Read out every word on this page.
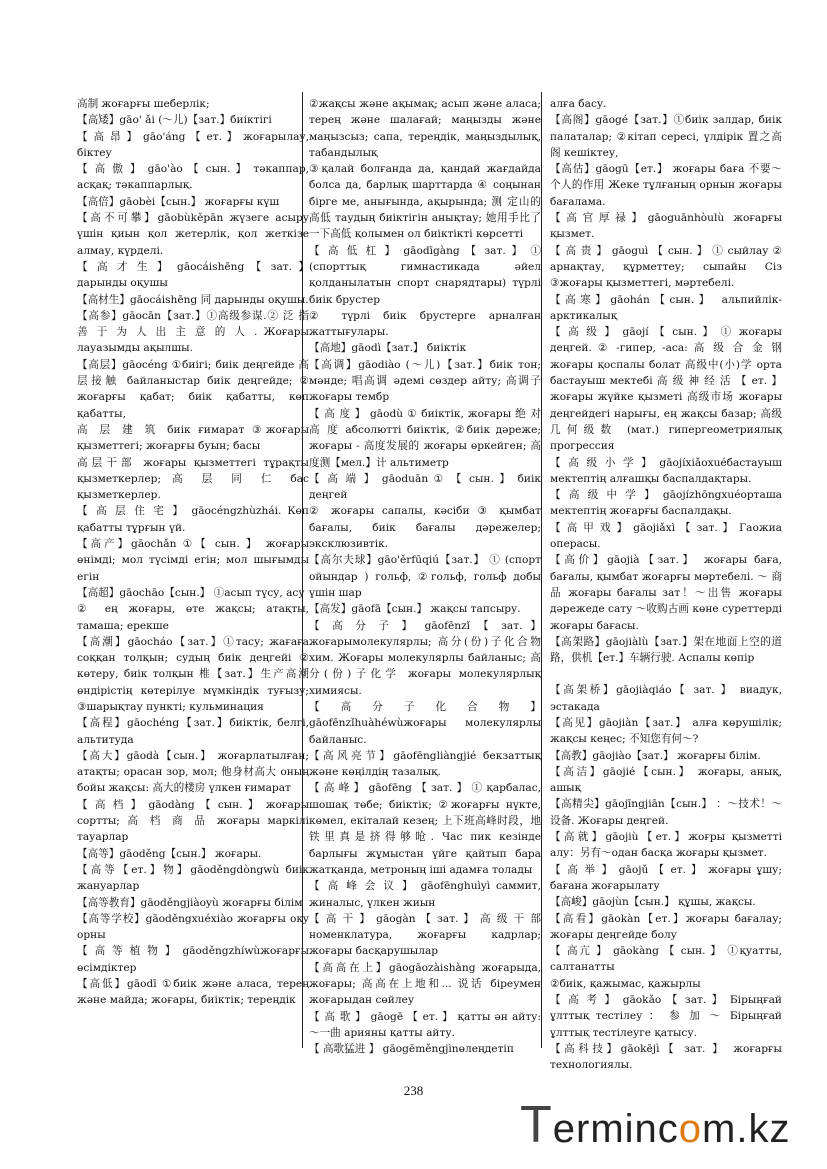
高制 жоғарғы шеберлік;

【高矮】gāo' ǎi (～儿)【зат.】биіктігі

【 高 昂 】 gāo'áng 【 ет. 】 жоғарылау, біктеу

【 高 傲 】 gāo'ào 【 сын. 】 тәкаппар, асқақ; тәкаппарлық.

【高倍】gāobèi【сын.】 жоғарғы күш

【高不可攀】gāobùkěpān жүзеге асыру үшін қиын қол жетерлік, қол жеткізе алмау, күрделі.

【 高 才 生 】 gāocáishēng 【 зат. 】 дарынды оқушы

【高材生】gāocáishēng 同 дарынды оқушы.

【高参】gāocān【зат.】①高级参谋.② 泛 指 善 于 为 人 出 主 意 的 人 . Жоғары лауазымды ақылшы.

【高层】gāocéng ①биігі; биік деңгейде 高层接触 байланыстар биік деңгейде; ② жоғарғы қабат; биік қабатты, көп қабатты,

高 层 建 筑 биік ғимарат ③жоғары қызметтегі; жоғарғы буын; басы

高层干部 жоғары қызметтегі тұрақты қызметкерлер; 高 层 同 仁 бас қызметкерлер.

【 高 层 住 宅 】 gāocéngzhùzhái. Көп қабатты тұрғын үй.

【高产】gāochǎn ①【 сын. 】 жоғары өнімді; мол түсімді егін; мол шығымды егін

【高超】gāochāo【сын.】 ①асып түсу, асу

② ең жоғары, өте жақсы; атақты, тамаша; ерекше

【高潮】gāocháo【зат.】①тасу; жағаға соққан толқын; судың биік деңгейі ② көтеру, биік толқын 椎【зат.】生产高潮 өндірістің көтерілуе мүмкіндік туғызу; ③шарықтау пункті; кульминация

【高程】gāochéng【зат.】биіктік, белгі, альтитуда

【高大】gāodà【сын.】 жоғарлатылған; атақты; орасан зор, мол; 他身材高大 оның бойы жақсы: 高大的楼房 үлкен ғимарат

【 高 档 】 gāodàng 【 сын. 】 жоғары сортты; 高 档 商 品 жоғары маркілі тауарлар

【高等】gāoděng【сын.】 жоғары.

【高等【ет.】物】gāoděngdòngwù биік жануарлар

【高等教育】gāoděngjiàoyù жоғарғы білім

【高等学校】gāoděngxuéxiào жоғарғы оқу орны

【 高 等 植 物 】 gāoděngzhíwùжоғарғы өсімдіктер

【高低】gāodī ①биік және аласа, терең және майда; жоғары, биіктік; тереңдік

②жақсы және ақымақ; асып және аласа; терең және шалағай; маңызды және маңызсыз; сапа, тереңдік, маңыздылық, табандылық

③қалай болғанда да, қандай жағдайда болса да, барлық шарттарда ④ соңынан бірге ме, анығында, ақырында; 测 定山的高低 таудың биіктігін анықтау; 她用手比了一下高低 қолымен ол биіктікті көрсетті

【 高 低 杠 】 gāodīgàng 【 зат. 】 ① (спорттық гимнастикада әйел қолданылатын спорт снарядтары) түрлі биік брустер

② түрлі биік брустерге арналған жаттығулары.

【高地】gāodì【зат.】 биіктік

【高调】gāodiào (～儿)【зат.】биік тон; мәнде; 唱高调 әдемі сөздер айту; 高调子 жоғары тембр

【 高 度 】 gāodù ① биіктік, жоғары 绝 对 高 度 абсолютті биіктік, ②биік дәреже; жоғары - 高度发展的 жоғары өркейген; 高度测【мел.】计 альтиметр

【 高 端 】 gāoduān ① 【 сын. 】 биік деңгей

② жоғары сапалы, кәсіби ③ қымбат бағалы, биік бағалы дәрежелер; эксклюзивтік.

【高尔夫球】gāo'ěrfūqiú【зат.】 ① (спорт ойындар ) гольф, ②гольф, гольф добы үшін шар

【高发】gāofā【сын.】 жақсы тапсыру.

【 高 分 子 】 gāofēnzǐ 【 зат. 】 жоғарымолекулярлы; 高分(份)子化合物 хим. Жоғары молекулярлы байланыс; 高分(份)子化学 жоғары молекулярлық химиясы.

【 高 分 子 化 合 物 】 gāofēnzǐhuàhéwùжоғары молекулярлы байланыс.

【高风亮节】gāofēngliàngjié бекзаттық және көңілдің тазалық.

【高峰】gāofēng【зат.】①қарбалас, шошақ төбе; биіктік; ②жоғарғы нүкте, көмел, екіталай кезең; 上下班高峰时段，地铁里真是挤得够呛. Час пик кезінде барлығы жұмыстан үйге қайтып бара жатқанда, метроның іші адамға толады

【 高 峰 会 议 】 gāofēnghuìyì саммит, жиналыс, үлкен жиын

【 高 干 】 gāogàn 【 зат. 】 高 级 干 部 номенклатура, жоғарғы кадрлар; жоғары басқарушылар

【高高在上】gāogāozàishàng жоғарыда, жоғары; 高高在上地和... 说话 біреумен жоғарыдан сөйлеу

【 高 歌 】 gāogē 【 ет. 】 қатты ән айту: ～一曲 арияны қатты айту.

【 高歌猛进 】 gāogēměngjìnөлеңдетіп

алға басу.

【高阁】gāogé【зат.】①биік залдар, биік палаталар; ②кітап сересі, үлдірік 置之高阁 кешіктеу,

【高估】gāogū【ет.】 жоғары баға 不要～个人的作用 Жеке тұлғаның орнын жоғары бағалама.

【高官厚禄】gāoguānhòulù жоғарғы қызмет.

【 高 贵 】 gāoguì 【 сын. 】 ① сыйлау ② арнақтау, құрметтеу; сыпайы Сіз ③жоғары қызметтегі, мәртебелі.

【高寒】gāohán【сын.】 альпийлік-арктикалық

【 高 级 】 gāojí 【 сын. 】 ① жоғары деңгей. ② -гипер, -аса: 高 级 合 金 钢 жоғары қоспалы болат 高级中(小)学 орта бастауыш мектебі 高 级 神 经 活 【 ет. 】 жоғары жүйке қызметі 高级市场 жоғары деңгейдегі нарығы, ең жақсы базар; 高级几何级数 (мат.) гипергеометриялық прогрессия

【 高 级 小 学 】 gāojíxiǎoxuéбастауыш мектептің алғашқы баспалдақтары.

【 高 级 中 学 】 gāojízhōngxuéорташа мектептің жоғарғы баспалдақы.

【 高 甲 戏 】 gāojiǎxì 【 зат. 】 Гаожиа операсы.

【高价】gāojià【зат.】 жоғары баға, бағалы, қымбат жоғарғы мәртебелі. ～ 商 品 жоғары бағалы зат！～出售 жоғары дәрежеде сату ～收购古画 көне суреттерді жоғары бағасы.

【高架路】gāojiàlù【зат.】架在地面上空的道路，供机【ет.】车辆行驶. Аспалы көпір

【高架桥】gāojiàqiáo【 зат. 】 виадук, эстакада

【高见】gāojiàn【зат.】 алға көрушілік; жақсы кеңес; 不知您有何～?

【高教】gāojiào【зат.】 жоғарғы білім.

【高洁】gāojié【сын.】 жоғары, анық, ашық

【高精尖】gāojīngjiān【сын.】 ：～技术！～设备. Жоғары деңгей.

【高就】gāojiù【ет.】жоғры қызметті алу：另有～одан басқа жоғары қызмет.

【 高 举 】 gāojǔ 【 ет. 】 жоғары ұшу; бағана жоғарылату

【高峻】gāojùn【сын.】 құшы, жақсы.

【高看】gāokàn【ет.】жоғары бағалау; жоғары деңгейде болу

【 高亢 】 gāokàng 【 сын. 】 ①қуатты, салтанатты

②биік, қажымас, қажырлы

【 高 考 】 gāokǎo 【 зат. 】 Бірыңғай ұлттық тестілеу ： 参 加 ～ Бірыңғай ұлттық тестілеуге қатысу.

【高科技】gāokējì【 зат. 】 жоғарғы технологиялы.

238
Termincom.kz
